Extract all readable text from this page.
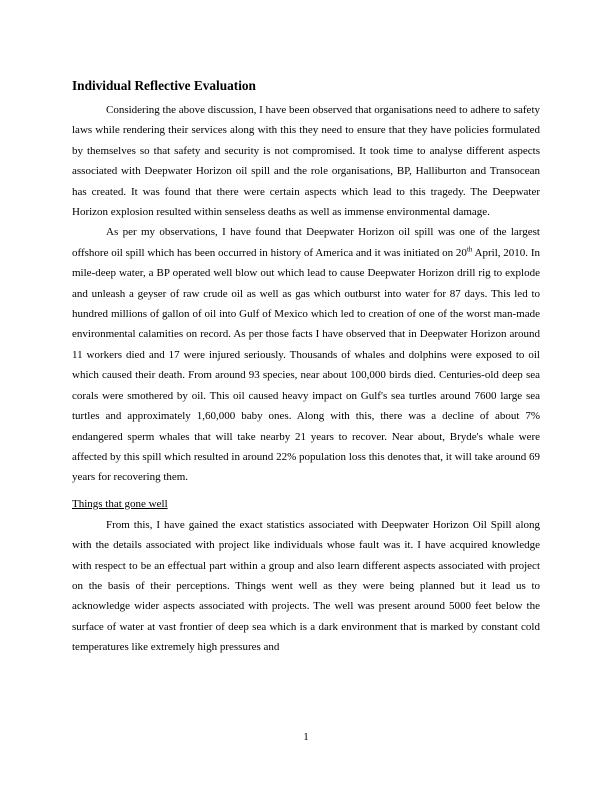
Individual Reflective Evaluation

Considering the above discussion, I have been observed that organisations need to adhere to safety laws while rendering their services along with this they need to ensure that they have policies formulated by themselves so that safety and security is not compromised. It took time to analyse different aspects associated with Deepwater Horizon oil spill and the role organisations, BP, Halliburton and Transocean has created. It was found that there were certain aspects which lead to this tragedy. The Deepwater Horizon explosion resulted within senseless deaths as well as immense environmental damage.

As per my observations, I have found that Deepwater Horizon oil spill was one of the largest offshore oil spill which has been occurred in history of America and it was initiated on 20th April, 2010. In mile-deep water, a BP operated well blow out which lead to cause Deepwater Horizon drill rig to explode and unleash a geyser of raw crude oil as well as gas which outburst into water for 87 days. This led to hundred millions of gallon of oil into Gulf of Mexico which led to creation of one of the worst man-made environmental calamities on record. As per those facts I have observed that in Deepwater Horizon around 11 workers died and 17 were injured seriously. Thousands of whales and dolphins were exposed to oil which caused their death. From around 93 species, near about 100,000 birds died. Centuries-old deep sea corals were smothered by oil. This oil caused heavy impact on Gulf's sea turtles around 7600 large sea turtles and approximately 1,60,000 baby ones. Along with this, there was a decline of about 7% endangered sperm whales that will take nearby 21 years to recover. Near about, Bryde's whale were affected by this spill which resulted in around 22% population loss this denotes that, it will take around 69 years for recovering them.

Things that gone well

From this, I have gained the exact statistics associated with Deepwater Horizon Oil Spill along with the details associated with project like individuals whose fault was it. I have acquired knowledge with respect to be an effectual part within a group and also learn different aspects associated with project on the basis of their perceptions. Things went well as they were being planned but it lead us to acknowledge wider aspects associated with projects. The well was present around 5000 feet below the surface of water at vast frontier of deep sea which is a dark environment that is marked by constant cold temperatures like extremely high pressures and

1
